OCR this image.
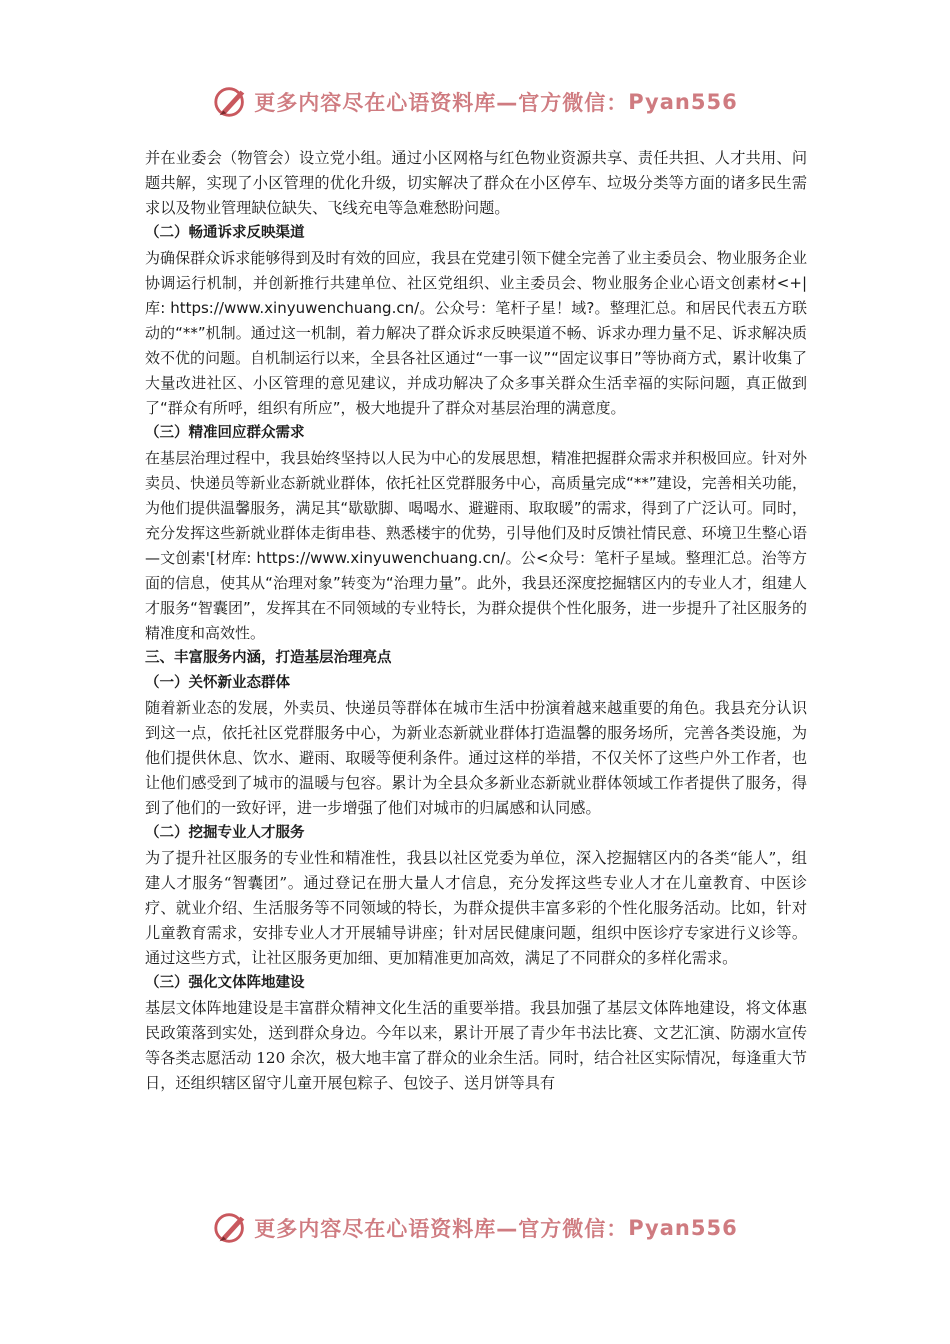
更多内容尽在心语资料库—官方微信： Pyan556

并在业委会（物管会）设立党小组。通过小区网格与红色物业资源共享、责任共担、人才共用、问题共解，实现了小区管理的优化升级，切实解决了群众在小区停车、垃圾分类等方面的诸多民生需求以及物业管理缺位缺失、飞线充电等急难愁盼问题。

（二）畅通诉求反映渠道

为确保群众诉求能够得到及时有效的回应，我县在党建引领下健全完善了业主委员会、物业服务企业协调运行机制，并创新推行共建单位、社区党组织、业主委员会、物业服务企业心语文创素材<+|库: https://www.xinyuwenchuang.cn/。公众号：笔杆子星！域?。整理汇总。和居民代表五方联动的“**”机制。通过这一机制，着力解决了群众诉求反映渠道不畅、诉求办理力量不足、诉求解决质效不优的问题。自机制运行以来，全县各社区通过“一事一议”“固定议事日”等协商方式，累计收集了大量改进社区、小区管理的意见建议，并成功解决了众多事关群众生活幸福的实际问题，真正做到了“群众有所呼，组织有所应”，极大地提升了群众对基层治理的满意度。

（三）精准回应群众需求

在基层治理过程中，我县始终坚持以人民为中心的发展思想，精准把握群众需求并积极回应。针对外卖员、快递员等新业态新就业群体，依托社区党群服务中心，高质量完成“**”建设，完善相关功能，为他们提供温馨服务，满足其“歇歇脚、喝喝水、避避雨、取取暖”的需求，得到了广泛认可。同时，充分发挥这些新就业群体走街串巷、熟悉楼宇的优势，引导他们及时反馈社情民意、环境卫生整心语—文创素'[材库: https://www.xinyuwenchuang.cn/。公<众号：笔杆子星域。整理汇总。治等方面的信息，使其从“治理对象”转变为“治理力量”。此外，我县还深度挖掘辖区内的专业人才，组建人才服务“智囊团”，发挥其在不同领域的专业特长，为群众提供个性化服务，进一步提升了社区服务的精准度和高效性。

三、丰富服务内涵，打造基层治理亮点

（一）关怀新业态群体

随着新业态的发展，外卖员、快递员等群体在城市生活中扮演着越来越重要的角色。我县充分认识到这一点，依托社区党群服务中心，为新业态新就业群体打造温馨的服务场所，完善各类设施，为他们提供休息、饮水、避雨、取暖等便利条件。通过这样的举措，不仅关怀了这些户外工作者，也让他们感受到了城市的温暖与包容。累计为全县众多新业态新就业群体领域工作者提供了服务，得到了他们的一致好评，进一步增强了他们对城市的归属感和认同感。

（二）挖掘专业人才服务

为了提升社区服务的专业性和精准性，我县以社区党委为单位，深入挖掘辖区内的各类“能人”，组建人才服务“智囊团”。通过登记在册大量人才信息，充分发挥这些专业人才在儿童教育、中医诊疗、就业介绍、生活服务等不同领域的特长，为群众提供丰富多彩的个性化服务活动。比如，针对儿童教育需求，安排专业人才开展辅导讲座；针对居民健康问题，组织中医诊疗专家进行义诊等。通过这些方式，让社区服务更加细、更加精准更加高效，满足了不同群众的多样化需求。

（三）强化文体阵地建设

基层文体阵地建设是丰富群众精神文化生活的重要举措。我县加强了基层文体阵地建设，将文体惠民政策落到实处，送到群众身边。今年以来，累计开展了青少年书法比赛、文艺汇演、防溺水宣传等各类志愿活动 120 余次，极大地丰富了群众的业余生活。同时，结合社区实际情况，每逢重大节日，还组织辖区留守儿童开展包粽子、包饺子、送月饼等具有

更多内容尽在心语资料库—官方微信： Pyan556
